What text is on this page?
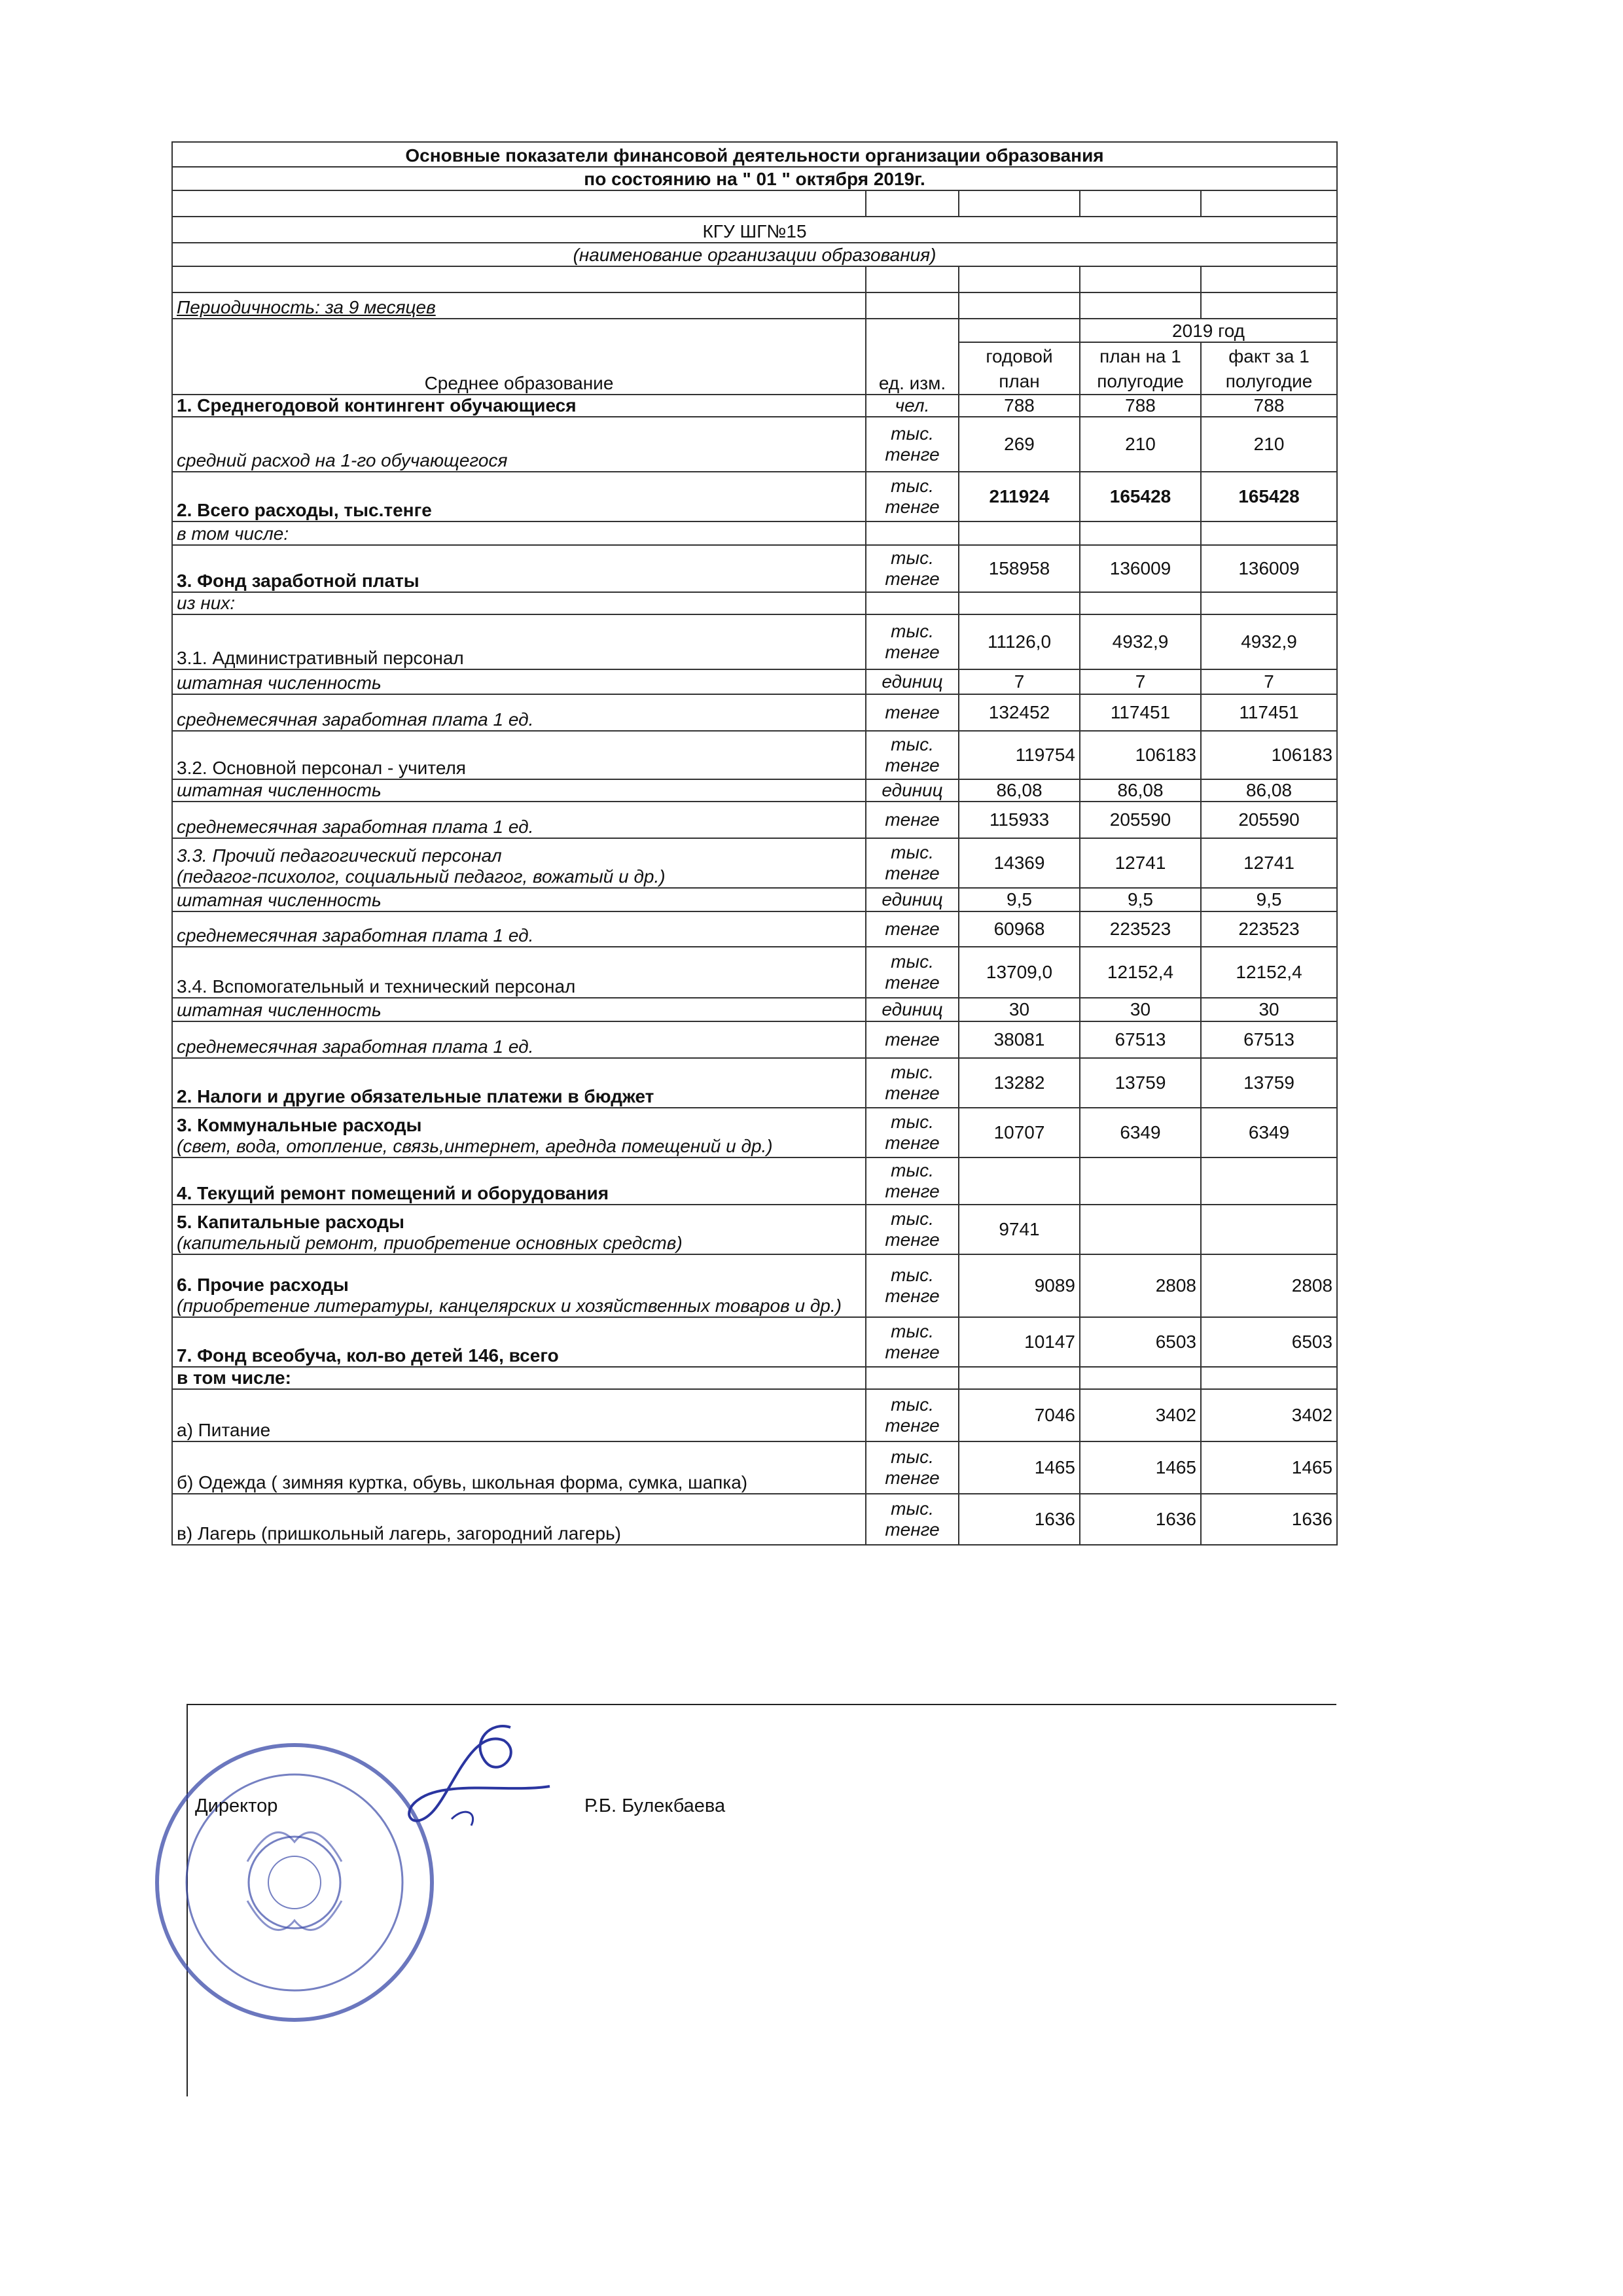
Основные показатели финансовой деятельности организации образования				
по состоянию на " 01 " октября 2019г.				

КГУ ШГ№15				
(наименование организации образования)				

Периодичность: за 9 месяцев				
Среднее образование	ед. изм.		2019 год	
		годовой план	план на 1 полугодие	факт за 1 полугодие

1. Среднегодовой контингент обучающиеся	чел.	788	788	788

средний расход на 1-го обучающегося	тыс. тенге	269	210	210

2. Всего расходы, тыс.тенге	тыс. тенге	211924	165428	165428

в том числе:				

3. Фонд заработной платы	тыс. тенге	158958	136009	136009

из них:				

3.1. Административный персонал	тыс. тенге	11126,0	4932,9	4932,9

штатная численность	единиц	7	7	7

среднемесячная заработная плата 1 ед.	тенге	132452	117451	117451

3.2. Основной персонал - учителя	тыс. тенге	119754	106183	106183

штатная численность	единиц	86,08	86,08	86,08

среднемесячная заработная плата 1 ед.	тенге	115933	205590	205590

3.3. Прочий педагогический персонал
(педагог-психолог, социальный педагог, вожатый и др.)	тыс. тенге	14369	12741	12741

штатная численность	единиц	9,5	9,5	9,5

среднемесячная заработная плата 1 ед.	тенге	60968	223523	223523

3.4. Вспомогательный и технический персонал	тыс. тенге	13709,0	12152,4	12152,4

штатная численность	единиц	30	30	30

среднемесячная заработная плата 1 ед.	тенге	38081	67513	67513

2. Налоги и другие обязательные платежи в бюджет	тыс. тенге	13282	13759	13759

3. Коммунальные расходы
(свет, вода, отопление, связь,интернет, аредндa помещений и др.)	тыс. тенге	10707	6349	6349

4. Текущий ремонт помещений и оборудования	тыс. тенге			

5. Капитальные расходы
(капительный ремонт, приобретение основных средств)	тыс. тенге	9741		

6. Прочие расходы
(приобретение литературы, канцелярских и хозяйственных товаров и др.)	тыс. тенге	9089	2808	2808

7. Фонд всеобуча, кол-во детей 146, всего	тыс. тенге	10147	6503	6503

в том числе:				

а) Питание	тыс. тенге	7046	3402	3402

б) Одежда ( зимняя куртка, обувь, школьная форма, сумка, шапка)	тыс. тенге	1465	1465	1465

в) Лагерь (пришкольный лагерь, загородний лагерь)	тыс. тенге	1636	1636	1636
Директор	Р.Б. Булекбаева
